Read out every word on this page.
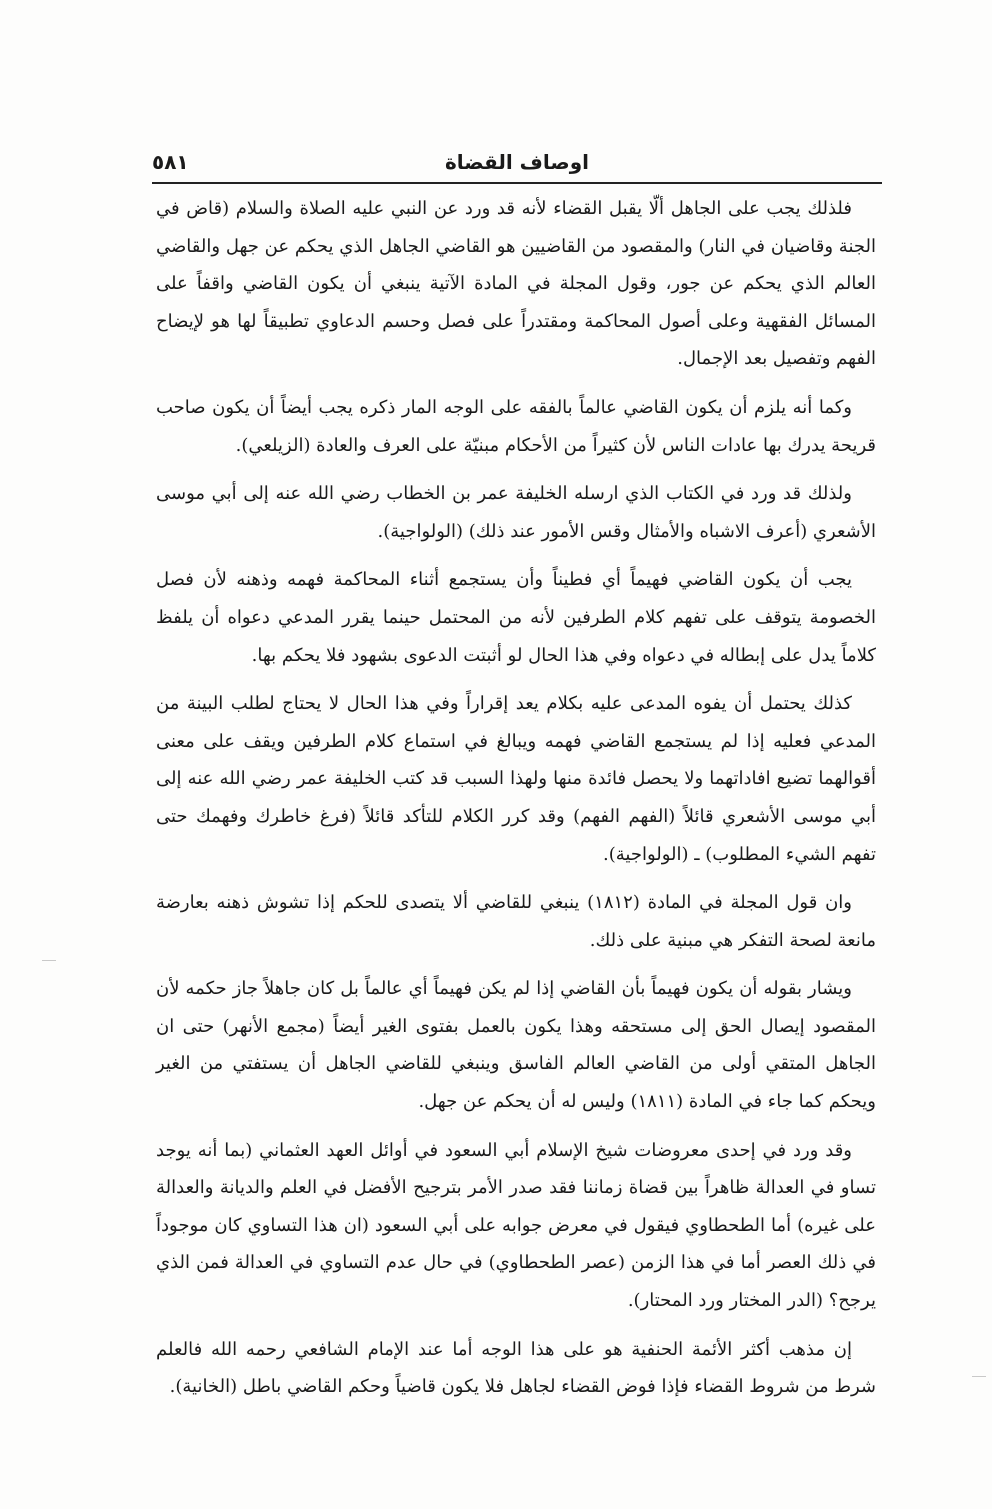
اوصاف القضاة
٥٨١

فلذلك يجب على الجاهل ألّا يقبل القضاء لأنه قد ورد عن النبي عليه الصلاة والسلام (قاض في الجنة وقاضيان في النار) والمقصود من القاضيين هو القاضي الجاهل الذي يحكم عن جهل والقاضي العالم الذي يحكم عن جور، وقول المجلة في المادة الآتية ينبغي أن يكون القاضي واقفاً على المسائل الفقهية وعلى أصول المحاكمة ومقتدراً على فصل وحسم الدعاوي تطبيقاً لها هو لإيضاح الفهم وتفصيل بعد الإجمال.

وكما أنه يلزم أن يكون القاضي عالماً بالفقه على الوجه المار ذكره يجب أيضاً أن يكون صاحب قريحة يدرك بها عادات الناس لأن كثيراً من الأحكام مبنيّة على العرف والعادة (الزيلعي).

ولذلك قد ورد في الكتاب الذي ارسله الخليفة عمر بن الخطاب رضي الله عنه إلى أبي موسى الأشعري (أعرف الاشباه والأمثال وقس الأمور عند ذلك) (الولواجية).

يجب أن يكون القاضي فهيماً أي فطيناً وأن يستجمع أثناء المحاكمة فهمه وذهنه لأن فصل الخصومة يتوقف على تفهم كلام الطرفين لأنه من المحتمل حينما يقرر المدعي دعواه أن يلفظ كلاماً يدل على إبطاله في دعواه وفي هذا الحال لو أثبتت الدعوى بشهود فلا يحكم بها.

كذلك يحتمل أن يفوه المدعى عليه بكلام يعد إقراراً وفي هذا الحال لا يحتاج لطلب البينة من المدعي فعليه إذا لم يستجمع القاضي فهمه ويبالغ في استماع كلام الطرفين ويقف على معنى أقوالهما تضيع افاداتهما ولا يحصل فائدة منها ولهذا السبب قد كتب الخليفة عمر رضي الله عنه إلى أبي موسى الأشعري قائلاً (الفهم الفهم) وقد كرر الكلام للتأكد قائلاً (فرغ خاطرك وفهمك حتى تفهم الشيء المطلوب) ـ (الولواجية).

وان قول المجلة في المادة (١٨١٢) ينبغي للقاضي ألا يتصدى للحكم إذا تشوش ذهنه بعارضة مانعة لصحة التفكر هي مبنية على ذلك.

ويشار بقوله أن يكون فهيماً بأن القاضي إذا لم يكن فهيماً أي عالماً بل كان جاهلاً جاز حكمه لأن المقصود إيصال الحق إلى مستحقه وهذا يكون بالعمل بفتوى الغير أيضاً (مجمع الأنهر) حتى ان الجاهل المتقي أولى من القاضي العالم الفاسق وينبغي للقاضي الجاهل أن يستفتي من الغير ويحكم كما جاء في المادة (١٨١١) وليس له أن يحكم عن جهل.

وقد ورد في إحدى معروضات شيخ الإسلام أبي السعود في أوائل العهد العثماني (بما أنه يوجد تساو في العدالة ظاهراً بين قضاة زماننا فقد صدر الأمر بترجيح الأفضل في العلم والديانة والعدالة على غيره) أما الطحطاوي فيقول في معرض جوابه على أبي السعود (ان هذا التساوي كان موجوداً في ذلك العصر أما في هذا الزمن (عصر الطحطاوي) في حال عدم التساوي في العدالة فمن الذي يرجح؟ (الدر المختار ورد المحتار).

إن مذهب أكثر الأئمة الحنفية هو على هذا الوجه أما عند الإمام الشافعي رحمه الله فالعلم شرط من شروط القضاء فإذا فوض القضاء لجاهل فلا يكون قاضياً وحكم القاضي باطل (الخانية).
